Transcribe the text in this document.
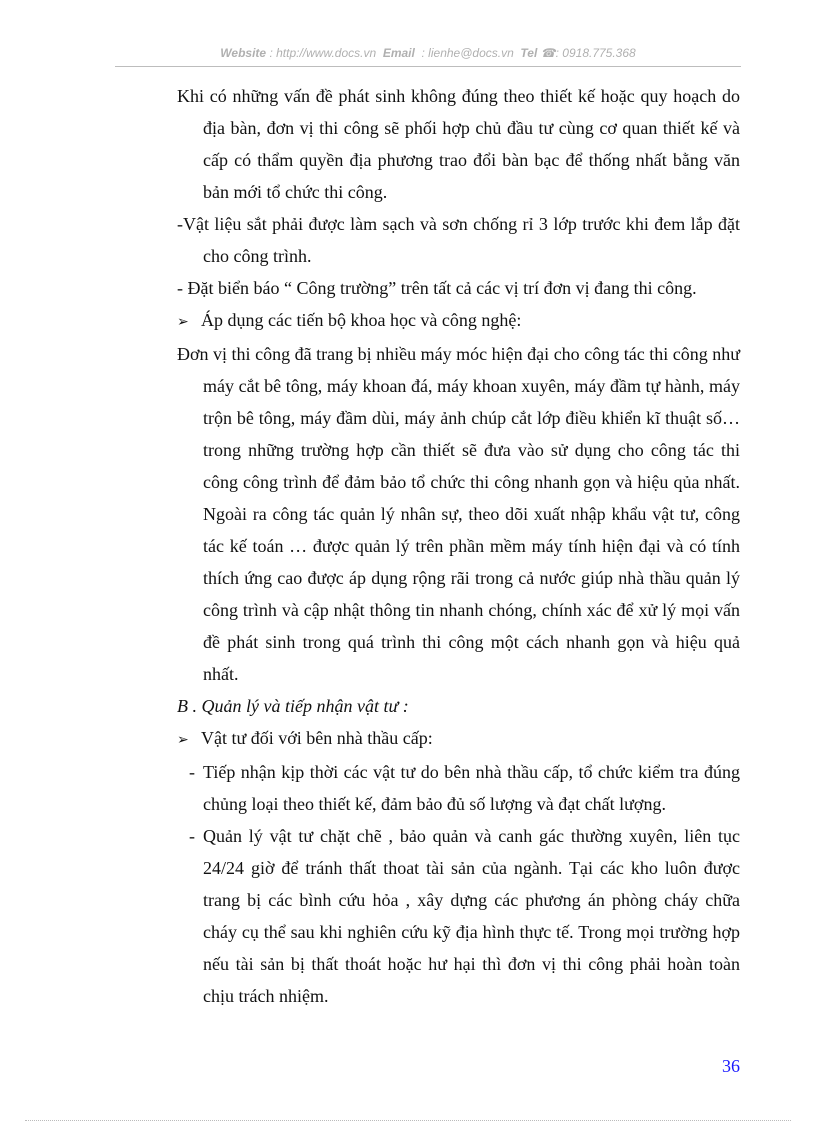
Website : http://www.docs.vn Email : lienhe@docs.vn Tel ☎: 0918.775.368

Khi có những vấn đề phát sinh không đúng theo thiết kế hoặc quy hoạch do địa bàn, đơn vị thi công sẽ phối hợp chủ đầu tư cùng cơ quan thiết kế và cấp có thẩm quyền địa phương trao đổi bàn bạc để thống nhất bằng văn bản mới tổ chức thi công.

-Vật liệu sắt phải được làm sạch và sơn chống rỉ 3 lớp trước khi đem lắp đặt cho công trình.

- Đặt biển báo “ Công trường” trên tất cả các vị trí đơn vị đang thi công.

➢ Áp dụng các tiến bộ khoa học và công nghệ:

Đơn vị thi công đã trang bị nhiều máy móc hiện đại cho công tác thi công như máy cắt bê tông, máy khoan đá, máy khoan xuyên, máy đầm tự hành, máy trộn bê tông, máy đầm dùi, máy ảnh chúp cắt lớp điều khiển kĩ thuật số… trong những trường hợp cần thiết sẽ đưa vào sử dụng cho công tác thi công công trình để đảm bảo tổ chức thi công nhanh gọn và hiệu qủa nhất. Ngoài ra công tác quản lý nhân sự, theo dõi xuất nhập khẩu vật tư, công tác kế toán … được quản lý trên phần mềm máy tính hiện đại và có tính thích ứng cao được áp dụng rộng rãi trong cả nước giúp nhà thầu quản lý công trình và cập nhật thông tin nhanh chóng, chính xác để xử lý mọi vấn đề phát sinh trong quá trình thi công một cách nhanh gọn và hiệu quả nhất.

B . Quản lý và tiếp nhận vật tư :

➢ Vật tư đối với bên nhà thầu cấp:

- Tiếp nhận kịp thời các vật tư do bên nhà thầu cấp, tổ chức kiểm tra đúng chủng loại theo thiết kế, đảm bảo đủ số lượng và đạt chất lượng.
- Quản lý vật tư chặt chẽ , bảo quản và canh gác thường xuyên, liên tục 24/24 giờ để tránh thất thoat tài sản của ngành. Tại các kho luôn được trang bị các bình cứu hỏa , xây dựng các phương án phòng cháy chữa cháy cụ thể sau khi nghiên cứu kỹ địa hình thực tế. Trong mọi trường hợp nếu tài sản bị thất thoát hoặc hư hại thì đơn vị thi công phải hoàn toàn chịu trách nhiệm.
36
